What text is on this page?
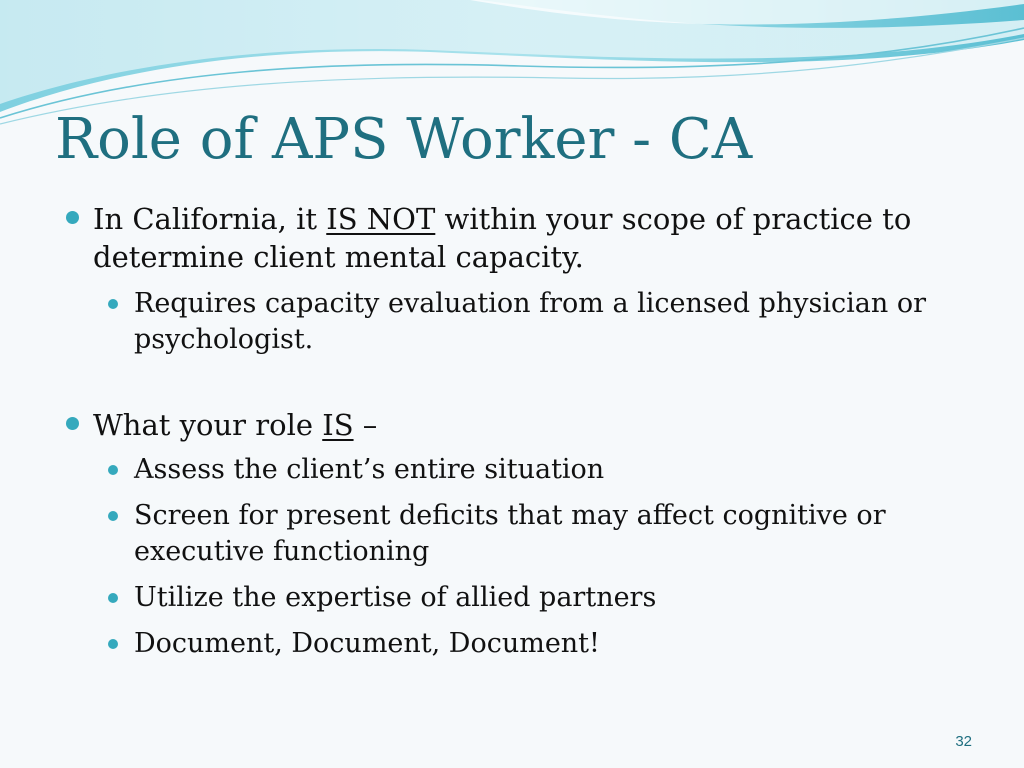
Role of APS Worker - CA
In California, it IS NOT within your scope of practice to determine client mental capacity.
Requires capacity evaluation from a licensed physician or psychologist.
What your role IS –
Assess the client’s entire situation
Screen for present deficits that may affect cognitive or executive functioning
Utilize the expertise of allied partners
Document, Document, Document!
32
